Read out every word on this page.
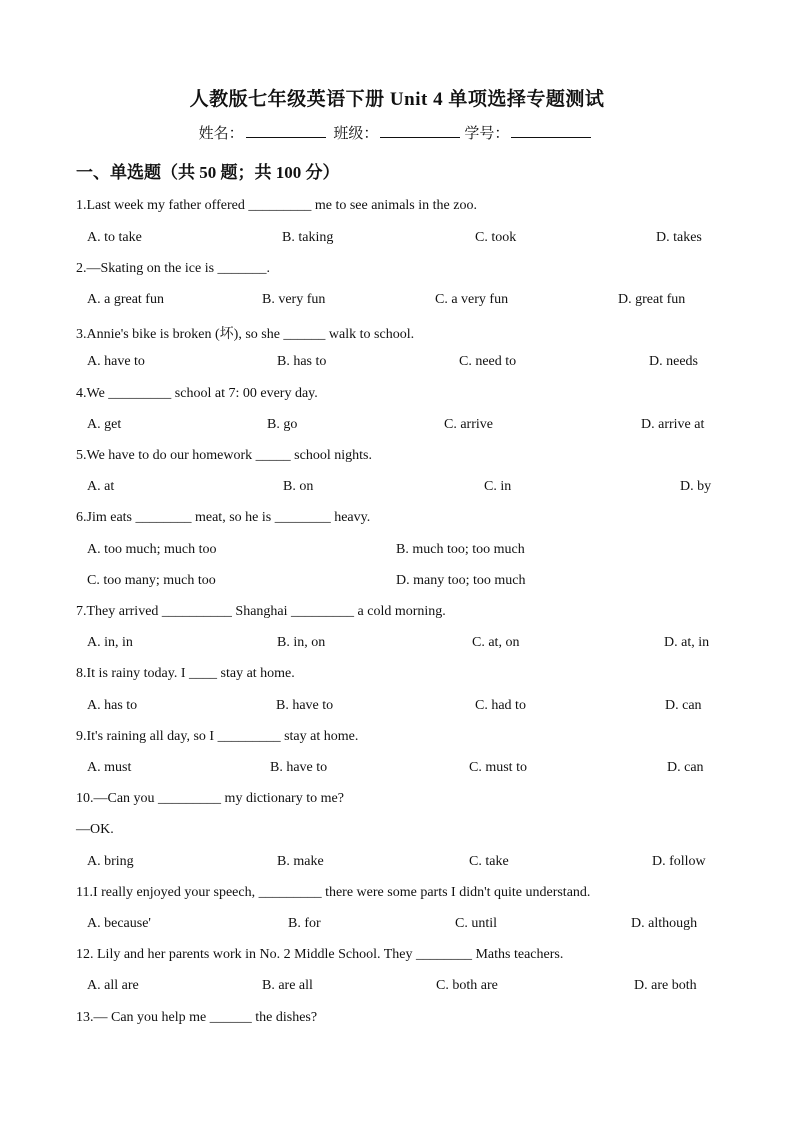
人教版七年级英语下册 Unit 4 单项选择专题测试
姓名：	班级：	学号：
一、单选题（共 50 题；共 100 分）
1.Last week my father offered _________ me to see animals in the zoo.
A. to take	B. taking	C. took	D. takes
2.—Skating on the ice is _______.
A. a great fun	B. very fun	C. a very fun	D. great fun
3.Annie's bike is broken (坏), so she ______ walk to school.
A. have to	B. has to	C. need to	D. needs
4.We _________ school at 7: 00 every day.
A. get	B. go	C. arrive	D. arrive at
5.We have to do our homework _____ school nights.
A. at	B. on	C. in	D. by
6.Jim eats ________ meat, so he is ________ heavy.
A. too much; much too	B. much too; too much
C. too many; much too	D. many too; too much
7.They arrived __________ Shanghai _________ a cold morning.
A. in, in	B. in, on	C. at, on	D. at, in
8.It is rainy today. I ____ stay at home.
A. has to	B. have to	C. had to	D. can
9.It's raining all day, so I _________ stay at home.
A. must	B. have to	C. must to	D. can
10.—Can you _________ my dictionary to me?
—OK.
A. bring	B. make	C. take	D. follow
11.I really enjoyed your speech, _________ there were some parts I didn't quite understand.
A. because'	B. for	C. until	D. although
12. Lily and her parents work in No. 2 Middle School. They ________ Maths teachers.
A. all are	B. are all	C. both are	D. are both
13.— Can you help me ______ the dishes?
